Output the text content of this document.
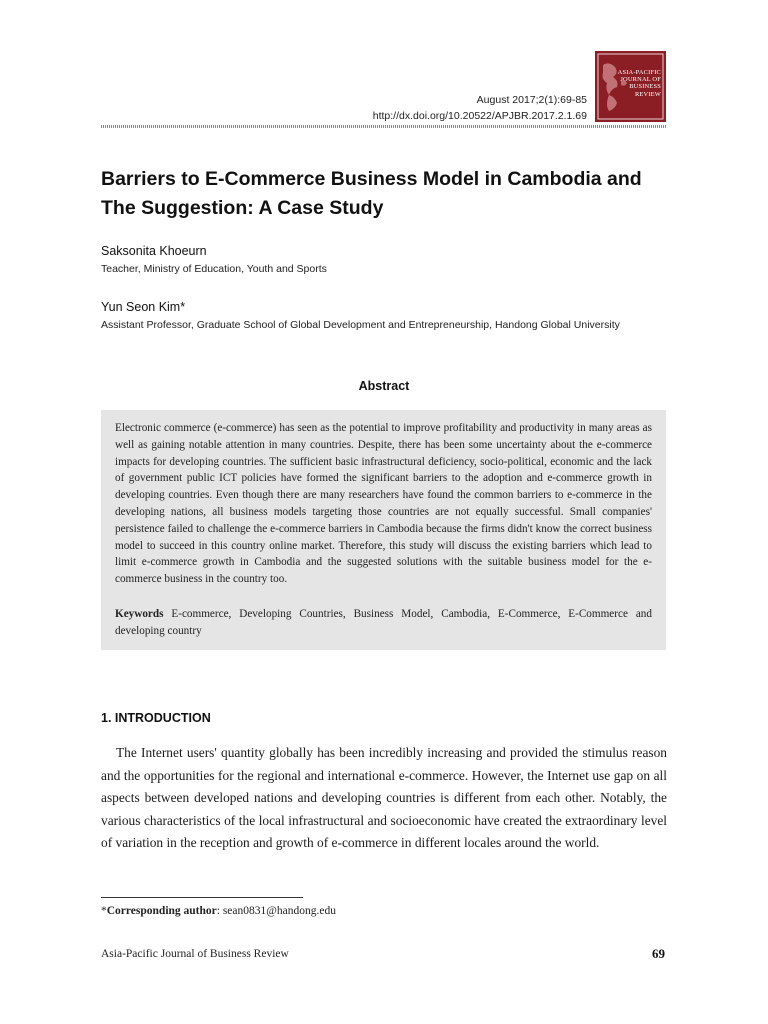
August 2017;2(1):69-85
http://dx.doi.org/10.20522/APJBR.2017.2.1.69
ASIA-PACIFIC
JOURNAL OF
BUSINESS
REVIEW
Barriers to E-Commerce Business Model in Cambodia and The Suggestion: A Case Study
Saksonita Khoeurn
Teacher, Ministry of Education, Youth and Sports
Yun Seon Kim*
Assistant Professor, Graduate School of Global Development and Entrepreneurship, Handong Global University
Abstract
Electronic commerce (e-commerce) has seen as the potential to improve profitability and productivity in many areas as well as gaining notable attention in many countries. Despite, there has been some uncertainty about the e-commerce impacts for developing countries. The sufficient basic infrastructural deficiency, socio-political, economic and the lack of government public ICT policies have formed the significant barriers to the adoption and e-commerce growth in developing countries. Even though there are many researchers have found the common barriers to e-commerce in the developing nations, all business models targeting those countries are not equally successful. Small companies' persistence failed to challenge the e-commerce barriers in Cambodia because the firms didn't know the correct business model to succeed in this country online market. Therefore, this study will discuss the existing barriers which lead to limit e-commerce growth in Cambodia and the suggested solutions with the suitable business model for the e-commerce business in the country too.
Keywords E-commerce, Developing Countries, Business Model, Cambodia, E-Commerce, E-Commerce and developing country
1. INTRODUCTION
The Internet users' quantity globally has been incredibly increasing and provided the stimulus reason and the opportunities for the regional and international e-commerce. However, the Internet use gap on all aspects between developed nations and developing countries is different from each other. Notably, the various characteristics of the local infrastructural and socioeconomic have created the extraordinary level of variation in the reception and growth of e-commerce in different locales around the world.
*Corresponding author: sean0831@handong.edu
Asia-Pacific Journal of Business Review	69
